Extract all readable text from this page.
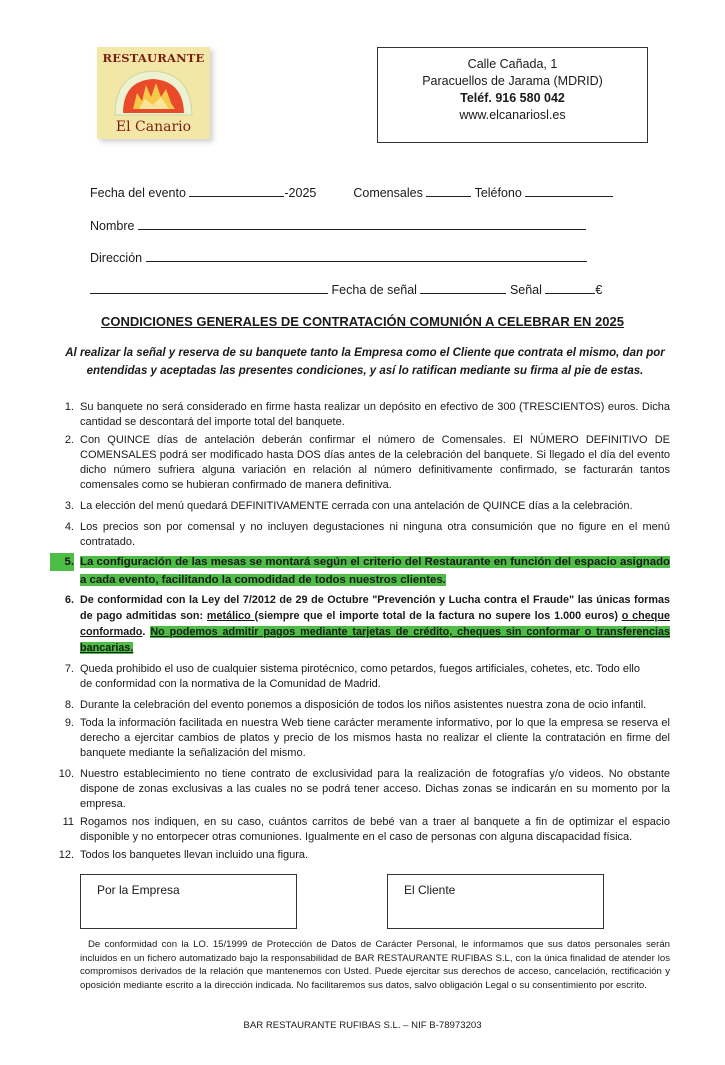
RESTAURANTE
El Canario
Calle Cañada, 1
Paracuellos de Jarama (MDRID)
Teléf. 916 580 042
www.elcanariosl.es
Fecha del evento	-2025	Comensales	Teléfono
Nombre
Dirección
Fecha de señal	Señal	€
CONDICIONES GENERALES DE CONTRATACIÓN COMUNIÓN A CELEBRAR EN 2025
Al realizar la señal y reserva de su banquete tanto la Empresa como el Cliente que contrata el mismo, dan por entendidas y aceptadas las presentes condiciones, y así lo ratifican mediante su firma al pie de estas.
1. Su banquete no será considerado en firme hasta realizar un depósito en efectivo de 300 (TRESCIENTOS) euros. Dicha cantidad se descontará del importe total del banquete.
2. Con QUINCE días de antelación deberán confirmar el número de Comensales. El NÚMERO DEFINITIVO DE COMENSALES podrá ser modificado hasta DOS días antes de la celebración del banquete. Si llegado el día del evento dicho número sufriera alguna variación en relación al número definitivamente confirmado, se facturarán tantos comensales como se hubieran confirmado de manera definitiva.
3. La elección del menú quedará DEFINITIVAMENTE cerrada con una antelación de QUINCE días a la celebración.
4. Los precios son por comensal y no incluyen degustaciones ni ninguna otra consumición que no figure en el menú contratado.
5. La configuración de las mesas se montará según el criterio del Restaurante en función del espacio asignado a cada evento, facilitando la comodidad de todos nuestros clientes.
6. De conformidad con la Ley del 7/2012 de 29 de Octubre "Prevención y Lucha contra el Fraude" las únicas formas de pago admitidas son: metálico (siempre que el importe total de la factura no supere los 1.000 euros) o cheque conformado. No podemos admitir pagos mediante tarjetas de crédito, cheques sin conformar o transferencias bancarias.
7. Queda prohibido el uso de cualquier sistema pirotécnico, como petardos, fuegos artificiales, cohetes, etc. Todo ello de conformidad con la normativa de la Comunidad de Madrid.
8. Durante la celebración del evento ponemos a disposición de todos los niños asistentes nuestra zona de ocio infantil.
9. Toda la información facilitada en nuestra Web tiene carácter meramente informativo, por lo que la empresa se reserva el derecho a ejercitar cambios de platos y precio de los mismos hasta no realizar el cliente la contratación en firme del banquete mediante la señalización del mismo.
10. Nuestro establecimiento no tiene contrato de exclusividad para la realización de fotografías y/o videos. No obstante dispone de zonas exclusivas a las cuales no se podrá tener acceso. Dichas zonas se indicarán en su momento por la empresa.
11 Rogamos nos indiquen, en su caso, cuántos carritos de bebé van a traer al banquete a fin de optimizar el espacio disponible y no entorpecer otras comuniones. Igualmente en el caso de personas con alguna discapacidad física.
12. Todos los banquetes llevan incluido una figura.
Por la Empresa	El Cliente
De conformidad con la LO. 15/1999 de Protección de Datos de Carácter Personal, le informamos que sus datos personales serán incluidos en un fichero automatizado bajo la responsabilidad de BAR RESTAURANTE RUFIBAS S.L, con la única finalidad de atender los compromisos derivados de la relación que mantenemos con Usted. Puede ejercitar sus derechos de acceso, cancelación, rectificación y oposición mediante escrito a la dirección indicada. No facilitaremos sus datos, salvo obligación Legal o su consentimiento por escrito.
BAR RESTAURANTE RUFIBAS S.L. – NIF B-78973203
